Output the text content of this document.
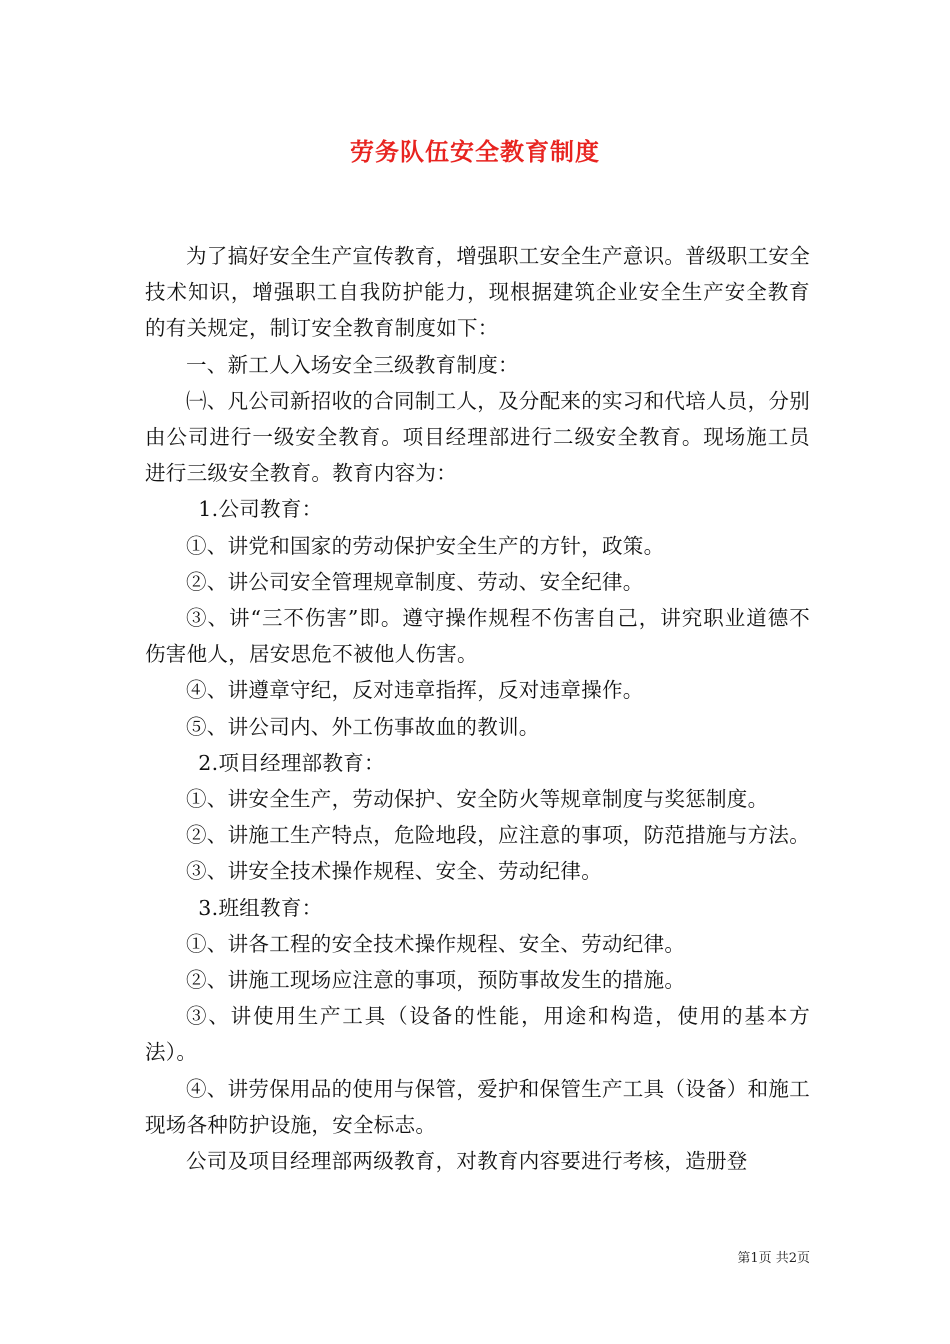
劳务队伍安全教育制度

为了搞好安全生产宣传教育，增强职工安全生产意识。普级职工安全技术知识，增强职工自我防护能力，现根据建筑企业安全生产安全教育的有关规定，制订安全教育制度如下：

一、新工人入场安全三级教育制度：

㈠、凡公司新招收的合同制工人，及分配来的实习和代培人员，分别由公司进行一级安全教育。项目经理部进行二级安全教育。现场施工员进行三级安全教育。教育内容为：

1.公司教育：

①、讲党和国家的劳动保护安全生产的方针，政策。

②、讲公司安全管理规章制度、劳动、安全纪律。

③、讲“三不伤害”即。遵守操作规程不伤害自己，讲究职业道德不伤害他人，居安思危不被他人伤害。

④、讲遵章守纪，反对违章指挥，反对违章操作。

⑤、讲公司内、外工伤事故血的教训。

2.项目经理部教育：

①、讲安全生产，劳动保护、安全防火等规章制度与奖惩制度。

②、讲施工生产特点，危险地段，应注意的事项，防范措施与方法。

③、讲安全技术操作规程、安全、劳动纪律。

3.班组教育：

①、讲各工程的安全技术操作规程、安全、劳动纪律。

②、讲施工现场应注意的事项，预防事故发生的措施。

③、讲使用生产工具（设备的性能，用途和构造，使用的基本方法）。

④、讲劳保用品的使用与保管，爱护和保管生产工具（设备）和施工现场各种防护设施，安全标志。

公司及项目经理部两级教育，对教育内容要进行考核，造册登

第1页 共2页
